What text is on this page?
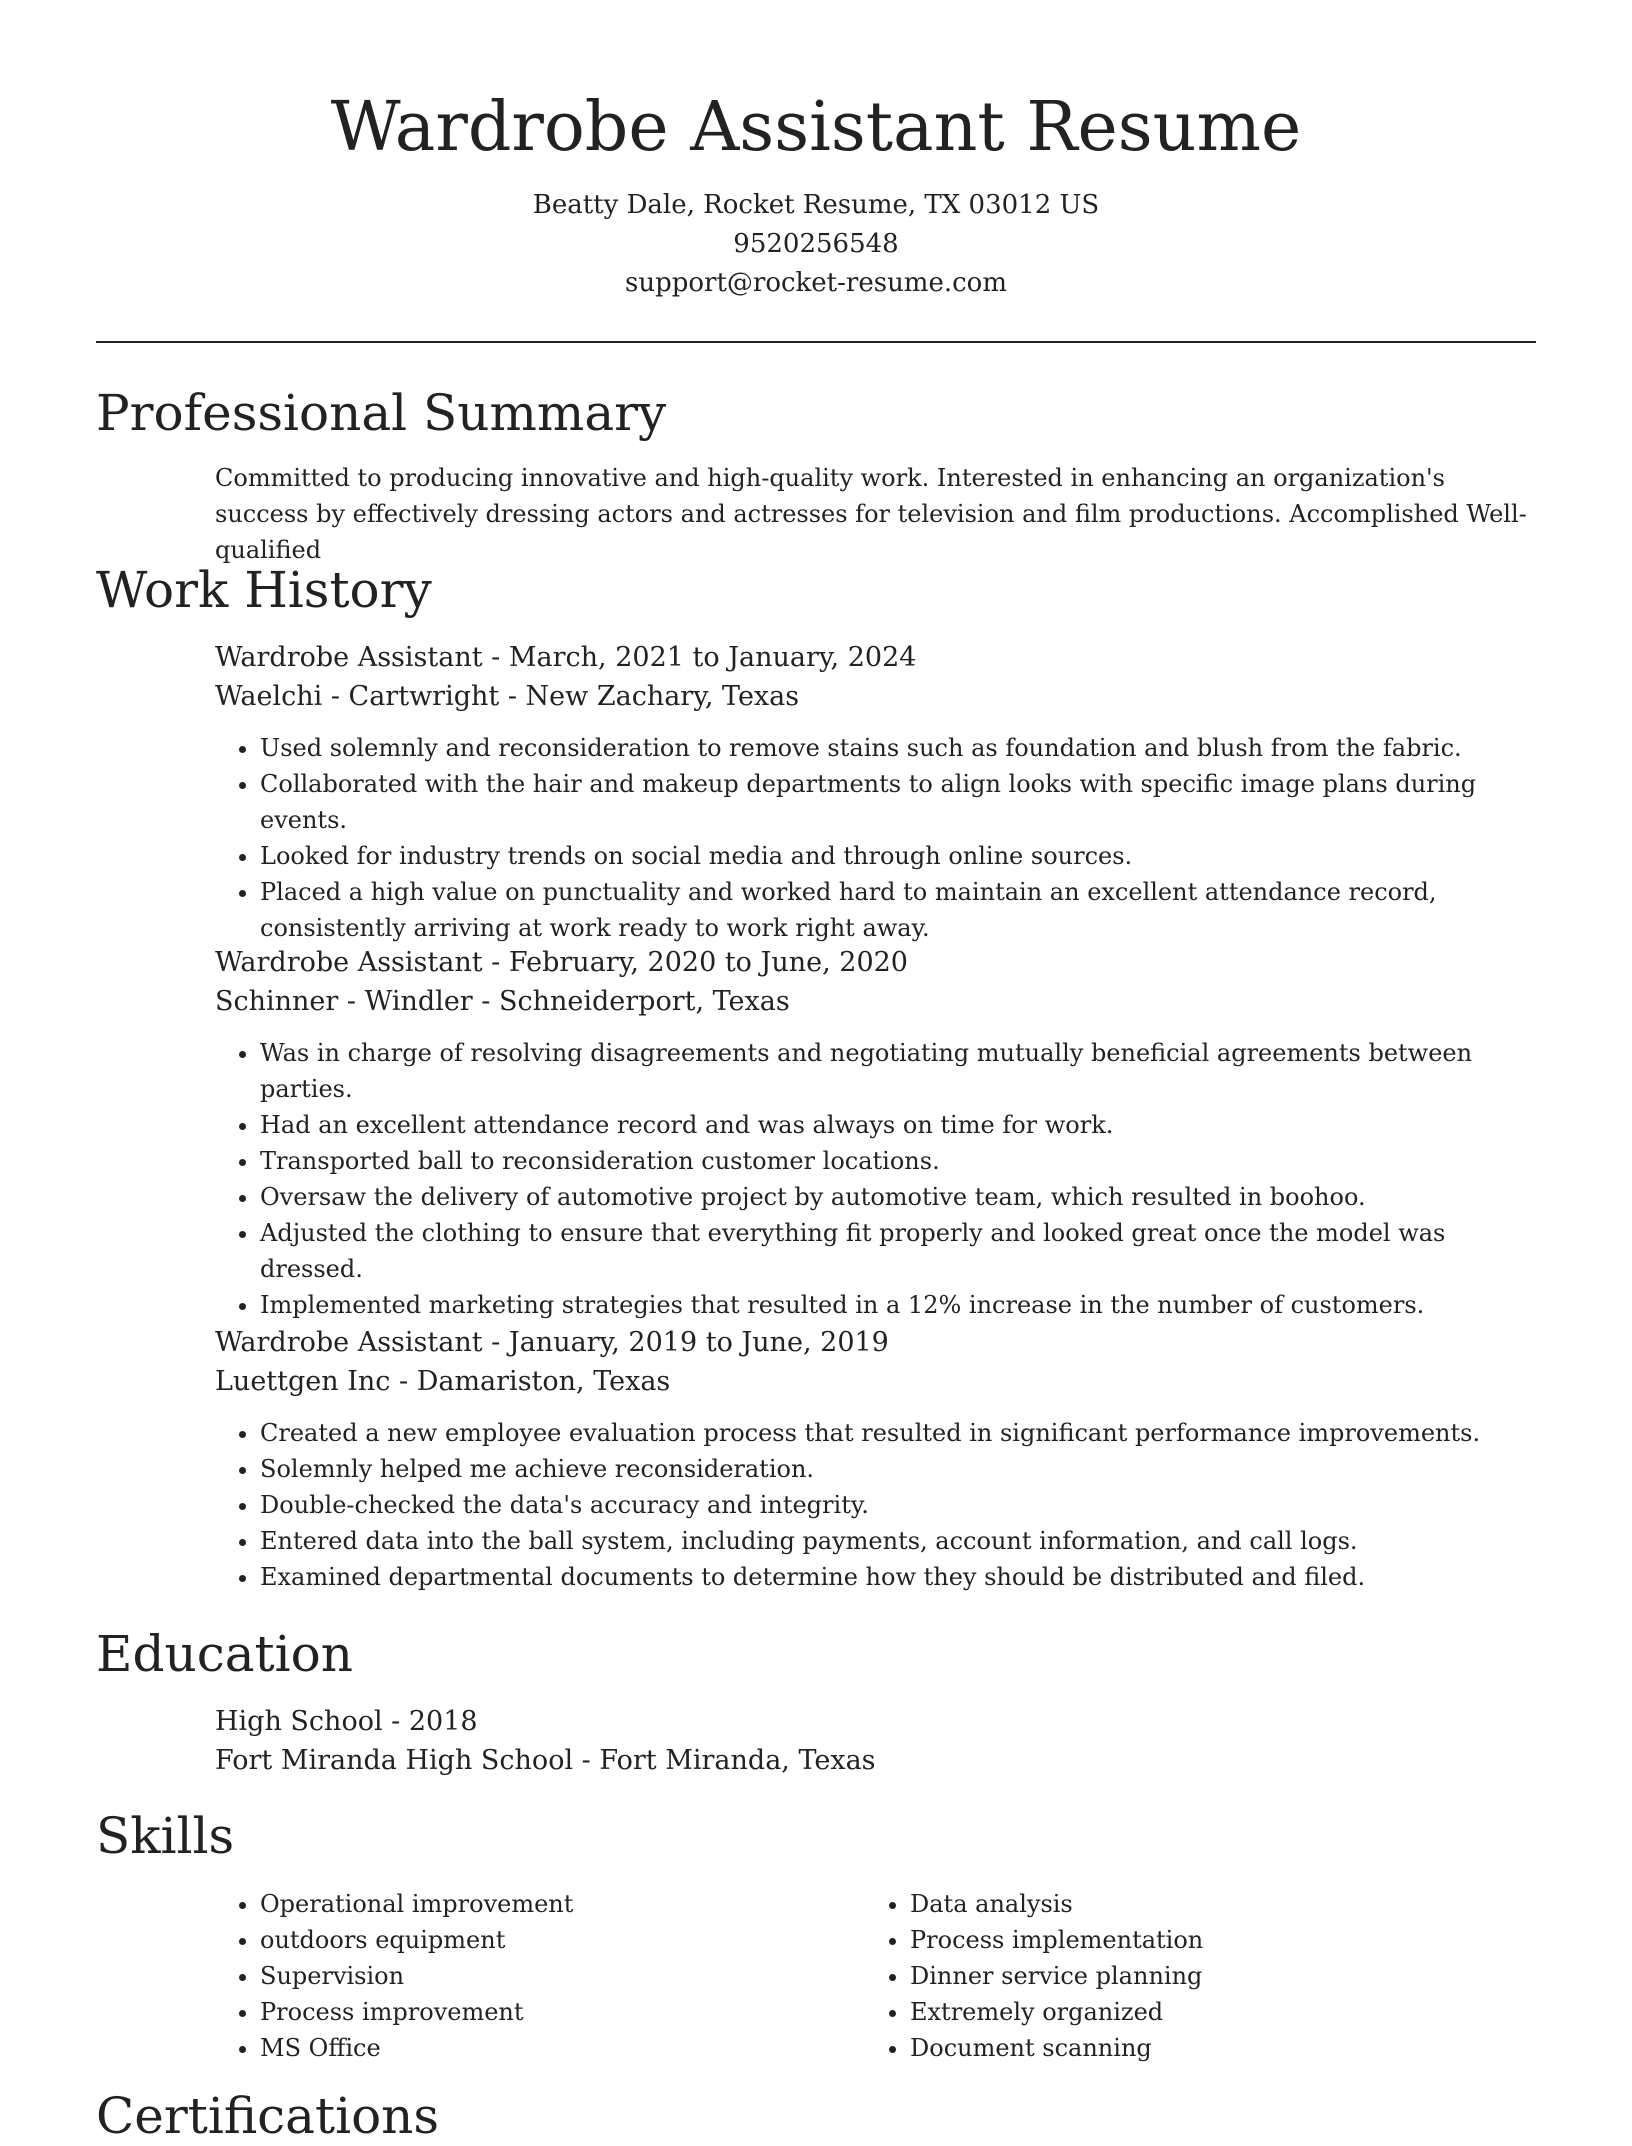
Wardrobe Assistant Resume
Beatty Dale, Rocket Resume, TX 03012 US
9520256548
support@rocket-resume.com
Professional Summary

Committed to producing innovative and high-quality work. Interested in enhancing an organization's success by effectively dressing actors and actresses for television and film productions. Accomplished Well-qualified

Work History

Wardrobe Assistant - March, 2021 to January, 2024

Waelchi - Cartwright - New Zachary, Texas

• Used solemnly and reconsideration to remove stains such as foundation and blush from the fabric.
• Collaborated with the hair and makeup departments to align looks with specific image plans during events.
• Looked for industry trends on social media and through online sources.
• Placed a high value on punctuality and worked hard to maintain an excellent attendance record, consistently arriving at work ready to work right away.

Wardrobe Assistant - February, 2020 to June, 2020

Schinner - Windler - Schneiderport, Texas

• Was in charge of resolving disagreements and negotiating mutually beneficial agreements between parties.
• Had an excellent attendance record and was always on time for work.
• Transported ball to reconsideration customer locations.
• Oversaw the delivery of automotive project by automotive team, which resulted in boohoo.
• Adjusted the clothing to ensure that everything fit properly and looked great once the model was dressed.
• Implemented marketing strategies that resulted in a 12% increase in the number of customers.

Wardrobe Assistant - January, 2019 to June, 2019

Luettgen Inc - Damariston, Texas

• Created a new employee evaluation process that resulted in significant performance improvements.
• Solemnly helped me achieve reconsideration.
• Double-checked the data's accuracy and integrity.
• Entered data into the ball system, including payments, account information, and call logs.
• Examined departmental documents to determine how they should be distributed and filed.
Education

High School - 2018

Fort Miranda High School - Fort Miranda, Texas

Skills
• Operational improvement
• outdoors equipment
• Supervision
• Process improvement
• MS Office
• Data analysis
• Process implementation
• Dinner service planning
• Extremely organized
• Document scanning
Certifications
